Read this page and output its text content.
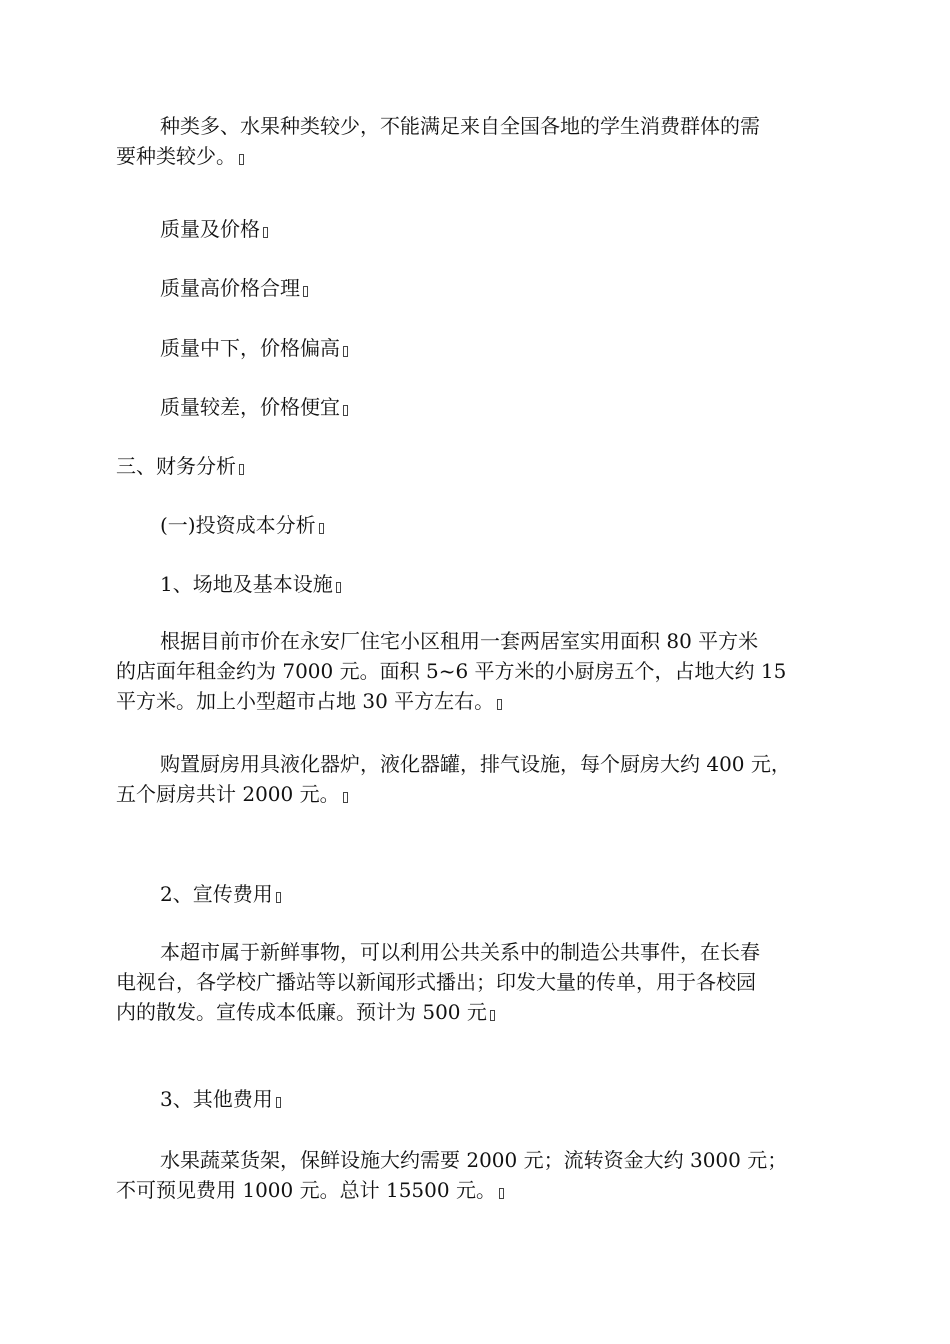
种类多、水果种类较少，不能满足来自全国各地的学生消费群体的需
要种类较少。

质量及价格

质量高价格合理

质量中下，价格偏高

质量较差，价格便宜

三、财务分析

(一)投资成本分析

1、场地及基本设施

根据目前市价在永安厂住宅小区租用一套两居室实用面积 80 平方米
的店面年租金约为 7000 元。面积 5~6 平方米的小厨房五个，占地大约 15
平方米。加上小型超市占地 30 平方左右。

购置厨房用具液化器炉，液化器罐，排气设施，每个厨房大约 400 元，
五个厨房共计 2000 元。

2、宣传费用

本超市属于新鲜事物，可以利用公共关系中的制造公共事件，在长春
电视台，各学校广播站等以新闻形式播出；印发大量的传单，用于各校园
内的散发。宣传成本低廉。预计为 500 元

3、其他费用

水果蔬菜货架，保鲜设施大约需要 2000 元；流转资金大约 3000 元；
不可预见费用 1000 元。总计 15500 元。
